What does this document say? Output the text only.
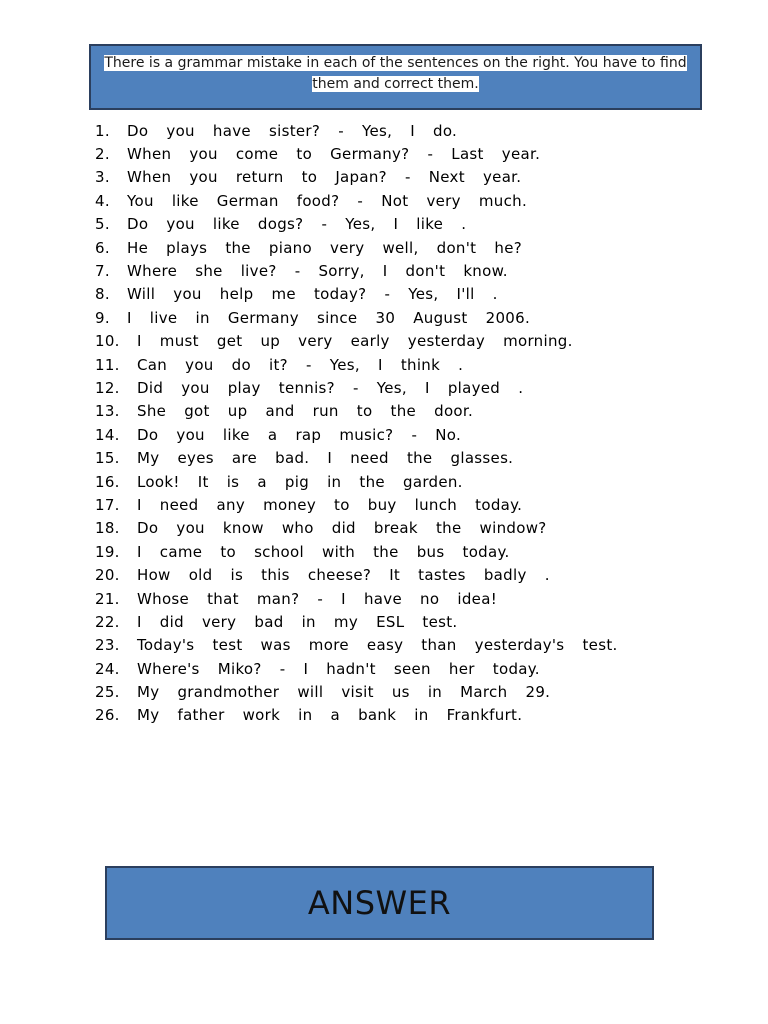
There is a grammar mistake in each of the sentences on the right. You have to find them and correct them.
1.	Do you have sister? - Yes, I do.
2.	When you come to Germany? - Last year.
3.	When you return to Japan? - Next year.
4.	You like German food? - Not very much.
5.	Do you like dogs? - Yes, I like .
6.	He plays the piano very well, don't he?
7.	Where she live? - Sorry, I don't know.
8.	Will you help me today? - Yes, I'll .
9.	I live in Germany since 30 August 2006.
10.	I must get up very early yesterday morning.
11.	Can you do it? - Yes, I think .
12.	Did you play tennis? - Yes, I played .
13.	She got up and run to the door.
14.	Do you like a rap music? - No.
15.	My eyes are bad. I need the glasses.
16.	Look! It is a pig in the garden.
17.	I need any money to buy lunch today.
18.	Do you know who did break the window?
19.	I came to school with the bus today.
20.	How old is this cheese? It tastes badly .
21.	Whose that man? - I have no idea!
22.	I did very bad in my ESL test.
23.	Today's test was more easy than yesterday's test.
24.	Where's Miko? - I hadn't seen her today.
25.	My grandmother will visit us in March 29.
26.	My father work in a bank in Frankfurt.
ANSWER
